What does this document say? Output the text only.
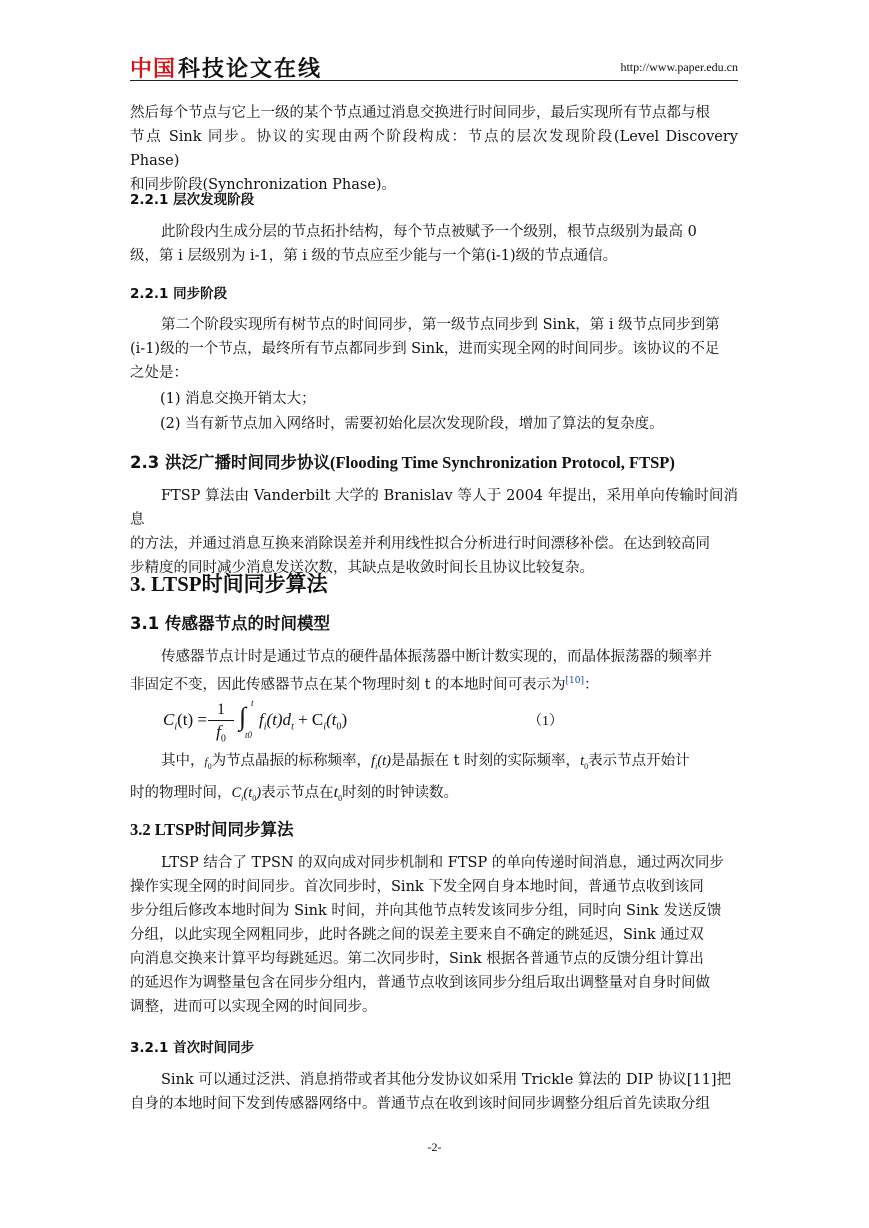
中国 科技论文在线	http://www.paper.edu.cn

然后每个节点与它上一级的某个节点通过消息交换进行时间同步，最后实现所有节点都与根

节点 Sink 同步。协议的实现由两个阶段构成：节点的层次发现阶段(Level Discovery Phase)

和同步阶段(Synchronization Phase)。

2.2.1 层次发现阶段

此阶段内生成分层的节点拓扑结构，每个节点被赋予一个级别，根节点级别为最高 0

级，第 i 层级别为 i-1，第 i 级的节点应至少能与一个第(i-1)级的节点通信。

2.2.1 同步阶段

第二个阶段实现所有树节点的时间同步，第一级节点同步到 Sink，第 i 级节点同步到第

(i-1)级的一个节点，最终所有节点都同步到 Sink，进而实现全网的时间同步。该协议的不足

之处是：

(1) 消息交换开销太大；
(2) 当有新节点加入网络时，需要初始化层次发现阶段，增加了算法的复杂度。
2.3 洪泛广播时间同步协议(Flooding Time Synchronization Protocol, FTSP)

FTSP 算法由 Vanderbilt 大学的 Branislav 等人于 2004 年提出，采用单向传输时间消息

的方法，并通过消息互换来消除误差并利用线性拟合分析进行时间漂移补偿。在达到较高同

步精度的同时减少消息发送次数，其缺点是收敛时间长且协议比较复杂。

3. LTSP时间同步算法
3.1 传感器节点的时间模型

传感器节点计时是通过节点的硬件晶体振荡器中断计数实现的，而晶体振荡器的频率并

非固定不变，因此传感器节点在某个物理时刻 t 的本地时间可表示为[10]：

$C_i(t) = \frac{1}{f_0}$ ∫ t
t0
$f_i(t)d_t + C_i(t_0)$	（1）

其中，$f_0$为节点晶振的标称频率，$f_i(t)$是晶振在 t 时刻的实际频率，$t_0$表示节点开始计

时的物理时间，$C_i(t_0)$表示节点在$t_0$时刻的时钟读数。

3.2 LTSP时间同步算法

LTSP 结合了 TPSN 的双向成对同步机制和 FTSP 的单向传递时间消息，通过两次同步

操作实现全网的时间同步。首次同步时，Sink 下发全网自身本地时间，普通节点收到该同

步分组后修改本地时间为 Sink 时间，并向其他节点转发该同步分组，同时向 Sink 发送反馈

分组，以此实现全网粗同步，此时各跳之间的误差主要来自不确定的跳延迟，Sink 通过双

向消息交换来计算平均每跳延迟。第二次同步时，Sink 根据各普通节点的反馈分组计算出

的延迟作为调整量包含在同步分组内，普通节点收到该同步分组后取出调整量对自身时间做

调整，进而可以实现全网的时间同步。

3.2.1 首次时间同步

Sink 可以通过泛洪、消息捎带或者其他分发协议如采用 Trickle 算法的 DIP 协议[11]把

自身的本地时间下发到传感器网络中。普通节点在收到该时间同步调整分组后首先读取分组

-2-
